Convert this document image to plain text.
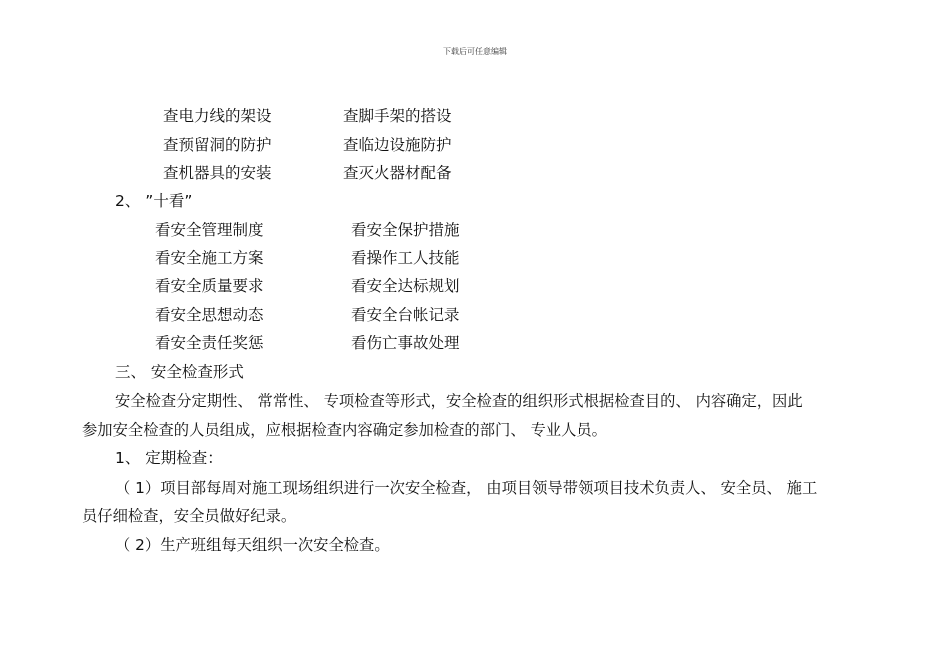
下载后可任意编辑
查电力线的架设	查脚手架的搭设
查预留洞的防护	查临边设施防护
查机器具的安装	查灭火器材配备
2、 ”十看”
看安全管理制度	看安全保护措施
看安全施工方案	看操作工人技能
看安全质量要求	看安全达标规划
看安全思想动态	看安全台帐记录
看安全责任奖惩	看伤亡事故处理
三、 安全检查形式
安全检查分定期性、 常常性、 专项检查等形式，安全检查的组织形式根据检查目的、 内容确定，因此
参加安全检查的人员组成，应根据检查内容确定参加检查的部门、 专业人员。
1、 定期检查：
（ 1）项目部每周对施工现场组织进行一次安全检查， 由项目领导带领项目技术负责人、 安全员、 施工
员仔细检查，安全员做好纪录。
（ 2）生产班组每天组织一次安全检查。
